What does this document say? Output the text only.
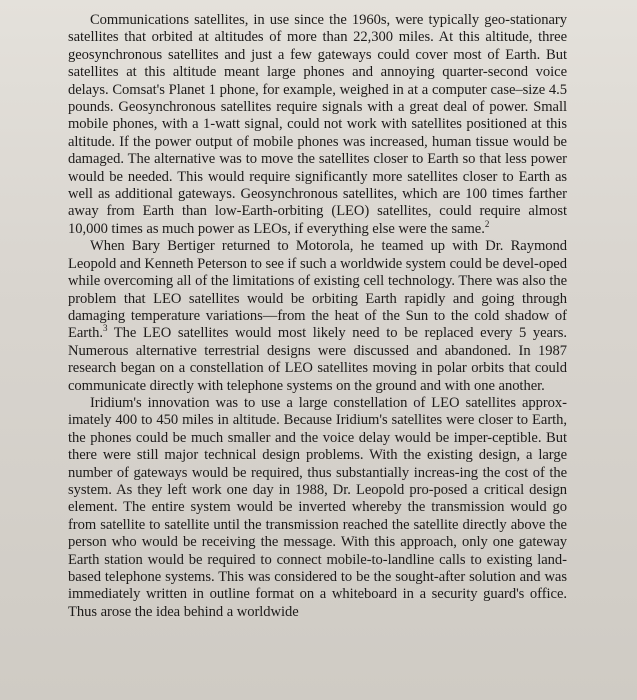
Communications satellites, in use since the 1960s, were typically geo-stationary satellites that orbited at altitudes of more than 22,300 miles. At this altitude, three geosynchronous satellites and just a few gateways could cover most of Earth. But satellites at this altitude meant large phones and annoying quarter-second voice delays. Comsat's Planet 1 phone, for example, weighed in at a computer case–size 4.5 pounds. Geosynchronous satellites require signals with a great deal of power. Small mobile phones, with a 1-watt signal, could not work with satellites positioned at this altitude. If the power output of mobile phones was increased, human tissue would be damaged. The alternative was to move the satellites closer to Earth so that less power would be needed. This would require significantly more satellites closer to Earth as well as additional gateways. Geosynchronous satellites, which are 100 times farther away from Earth than low-Earth-orbiting (LEO) satellites, could require almost 10,000 times as much power as LEOs, if everything else were the same.$^2$

When Bary Bertiger returned to Motorola, he teamed up with Dr. Raymond Leopold and Kenneth Peterson to see if such a worldwide system could be devel-oped while overcoming all of the limitations of existing cell technology. There was also the problem that LEO satellites would be orbiting Earth rapidly and going through damaging temperature variations—from the heat of the Sun to the cold shadow of Earth.$^3$ The LEO satellites would most likely need to be replaced every 5 years. Numerous alternative terrestrial designs were discussed and abandoned. In 1987 research began on a constellation of LEO satellites moving in polar orbits that could communicate directly with telephone systems on the ground and with one another.

Iridium's innovation was to use a large constellation of LEO satellites approx-imately 400 to 450 miles in altitude. Because Iridium's satellites were closer to Earth, the phones could be much smaller and the voice delay would be imper-ceptible. But there were still major technical design problems. With the existing design, a large number of gateways would be required, thus substantially increas-ing the cost of the system. As they left work one day in 1988, Dr. Leopold pro-posed a critical design element. The entire system would be inverted whereby the transmission would go from satellite to satellite until the transmission reached the satellite directly above the person who would be receiving the message. With this approach, only one gateway Earth station would be required to connect mobile-to-landline calls to existing land-based telephone systems. This was considered to be the sought-after solution and was immediately written in outline format on a whiteboard in a security guard's office. Thus arose the idea behind a worldwide
